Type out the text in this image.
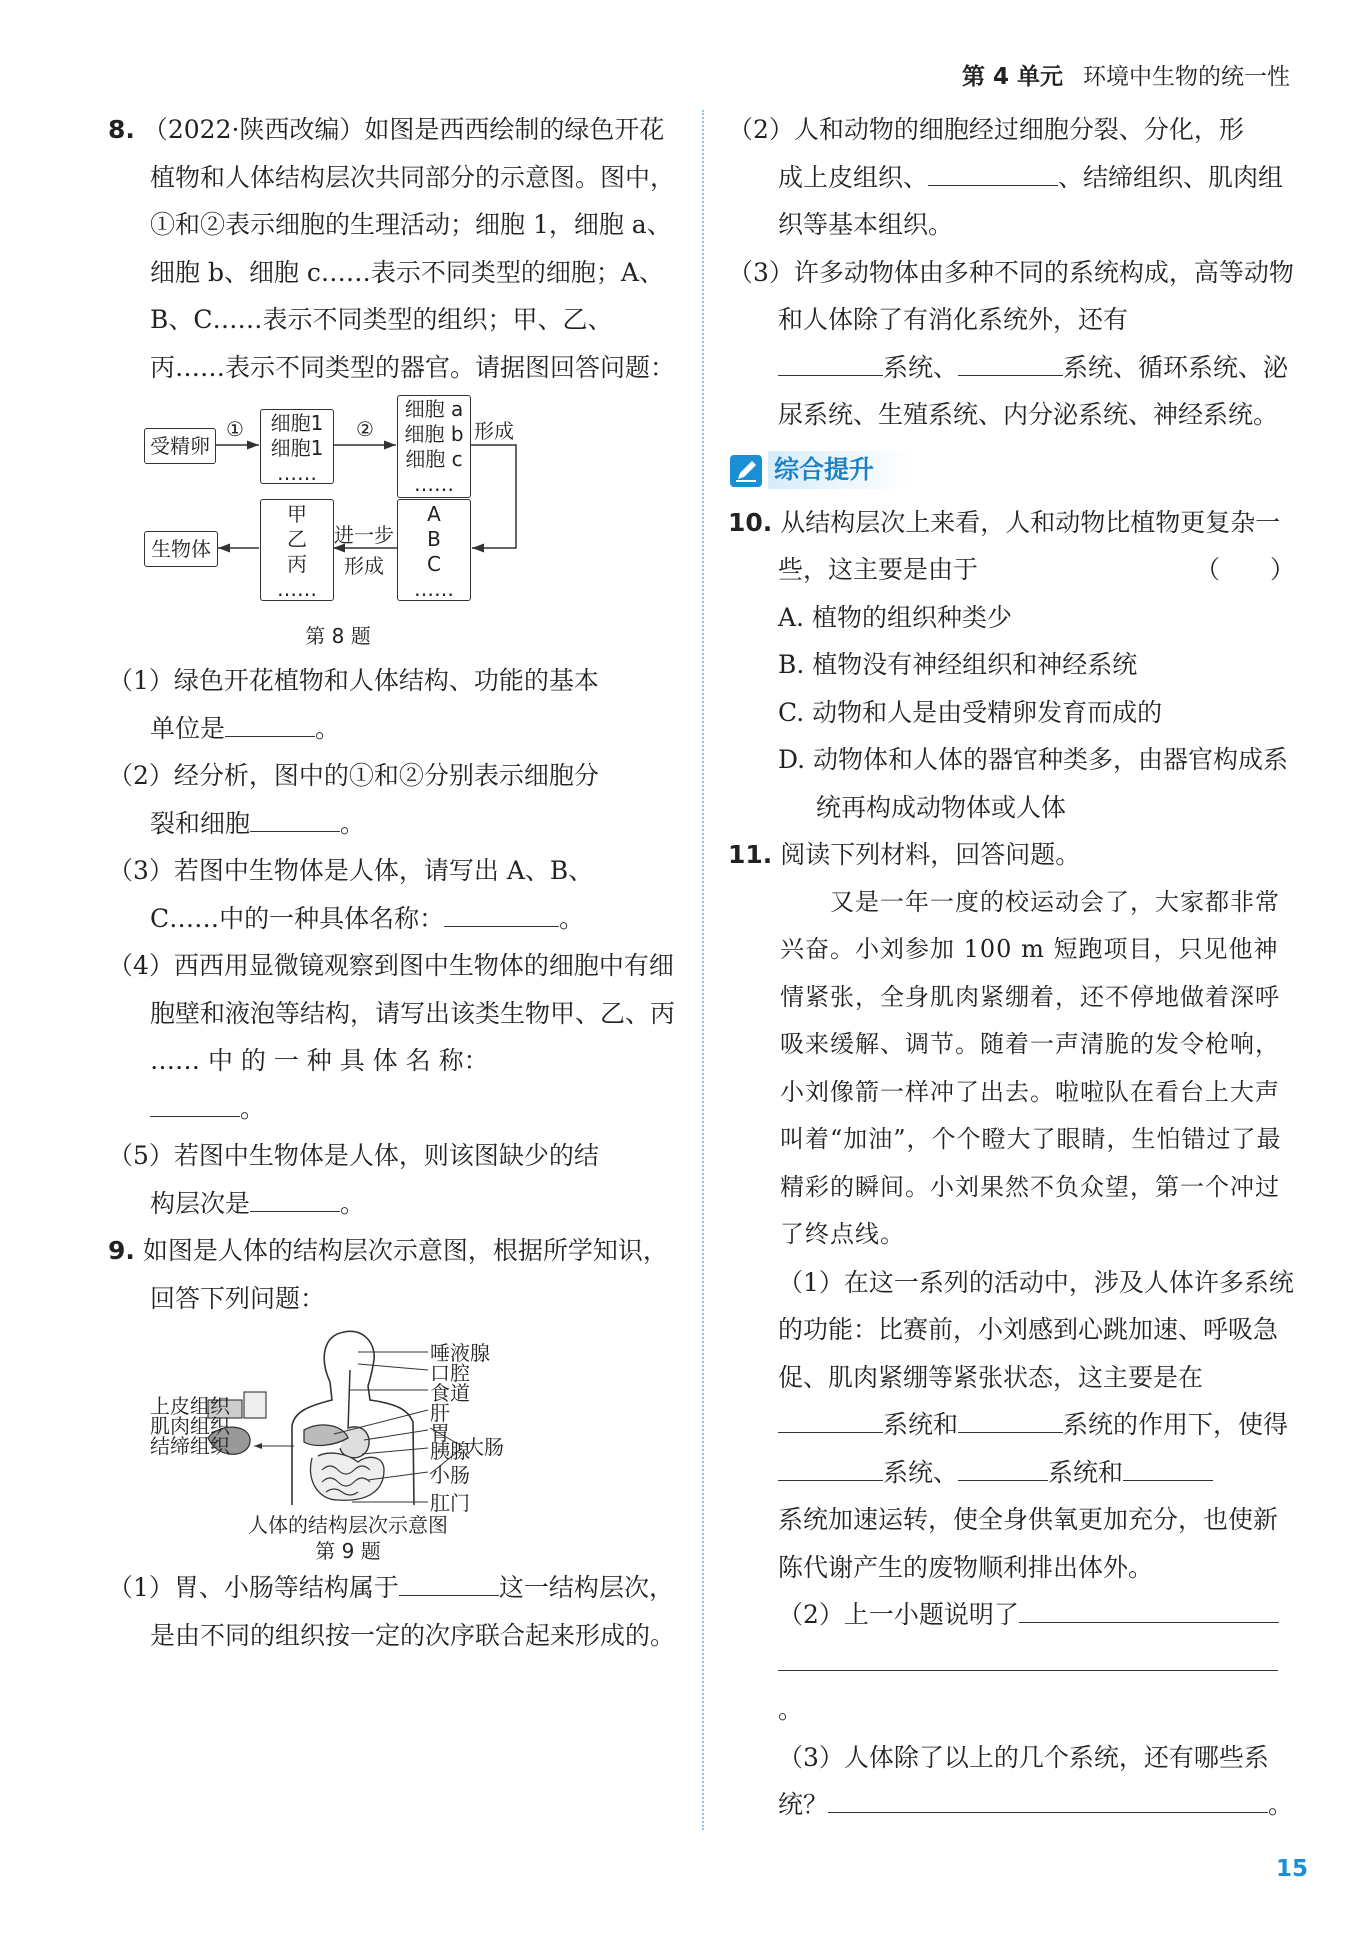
第 4 单元 环境中生物的统一性

8. （2022·陕西改编）如图是西西绘制的绿色开花植物和人体结构层次共同部分的示意图。图中，①和②表示细胞的生理活动；细胞 1，细胞 a、细胞 b、细胞 c……表示不同类型的细胞；A、B、C……表示不同类型的组织；甲、乙、丙……表示不同类型的器官。请据图回答问题：

受精卵
①	细胞1
细胞1
……
②
细胞 a
细胞 b
细胞 c
……
形成
A
B
C
……
进一步
形成
甲
乙
丙
……
生物体
第 8 题

（1）绿色开花植物和人体结构、功能的基本
单位是	。

（2）经分析，图中的①和②分别表示细胞分
裂和细胞	。

（3）若图中生物体是人体，请写出 A、B、
C……中的一种具体名称：	。

（4）西西用显微镜观察到图中生物体的细胞中有细胞壁和液泡等结构，请写出该类生物甲、乙、丙 …… 中 的 一 种 具 体 名 称：
。

（5）若图中生物体是人体，则该图缺少的结
构层次是	。

9. 如图是人体的结构层次示意图，根据所学知识，回答下列问题：

上皮组织
肌肉组织
结缔组织
唾液腺
口腔
食道
肝
胃
胰腺
大肠
小肠
肛门
人体的结构层次示意图
第 9 题

（1）胃、小肠等结构属于	这一结构层次，是由不同的组织按一定的次序联合起来形成的。

（2）人和动物的细胞经过细胞分裂、分化，形
成上皮组织、	、结缔组织、肌肉组
织等基本组织。

（3）许多动物体由多种不同的系统构成，高等动物和人体除了有消化系统外，还有
系统、	系统、循环系统、泌尿系统、生殖系统、内分泌系统、神经系统。

综合提升

10. 从结构层次上来看，人和动物比植物更复杂一些，这主要是由于	（　　）

A. 植物的组织种类少

B. 植物没有神经组织和神经系统

C. 动物和人是由受精卵发育而成的

D. 动物体和人体的器官种类多，由器官构成系统再构成动物体或人体

11. 阅读下列材料，回答问题。

又是一年一度的校运动会了，大家都非常兴奋。小刘参加 100 m 短跑项目，只见他神情紧张，全身肌肉紧绷着，还不停地做着深呼吸来缓解、调节。随着一声清脆的发令枪响，小刘像箭一样冲了出去。啦啦队在看台上大声叫着“加油”，个个瞪大了眼睛，生怕错过了最精彩的瞬间。小刘果然不负众望，第一个冲过了终点线。

（1）在这一系列的活动中，涉及人体许多系统的功能：比赛前，小刘感到心跳加速、呼吸急促、肌肉紧绷等紧张状态，这主要是在
系统和	系统的作用下，使得
系统、	系统和
系统加速运转，使全身供氧更加充分，也使新陈代谢产生的废物顺利排出体外。

（2）上一小题说明了
。

（3）人体除了以上的几个系统，还有哪些系统？	。

15
